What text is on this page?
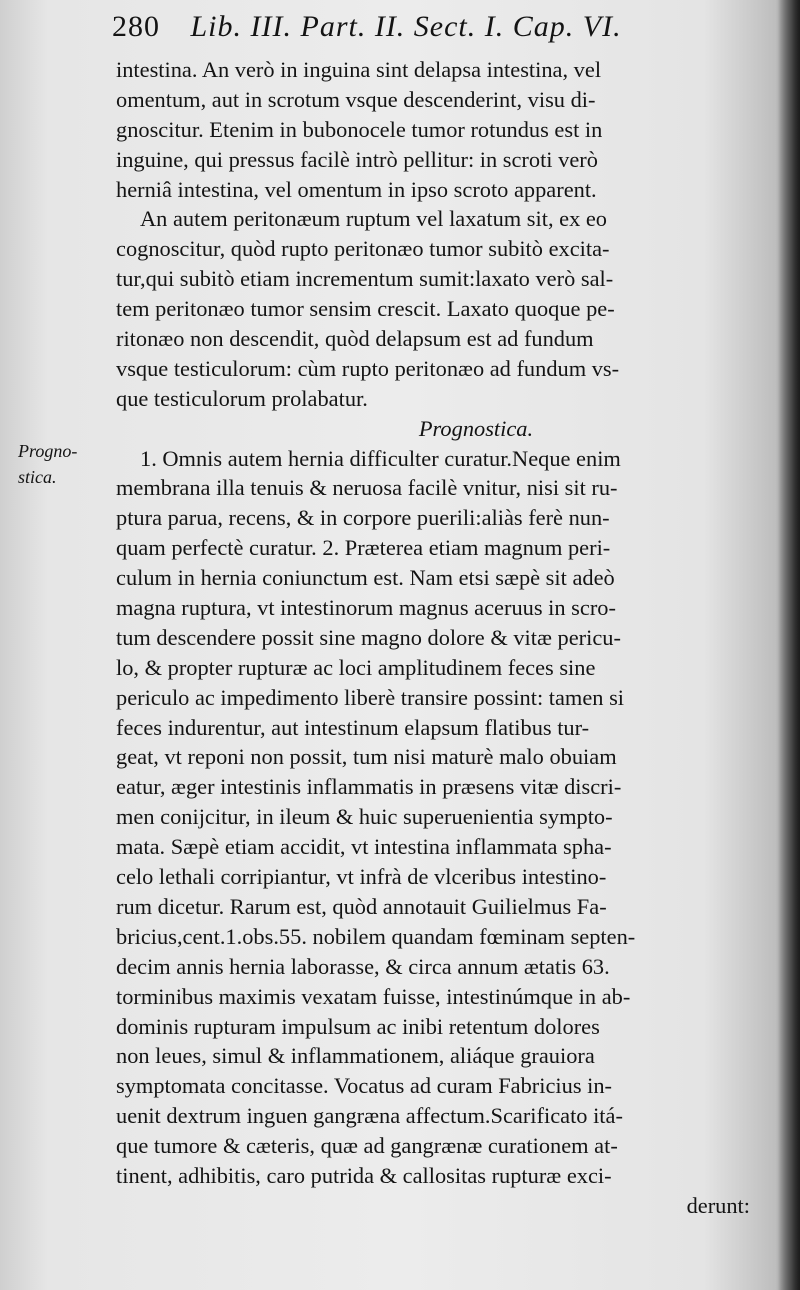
280 Lib. III. Part. II. Sect. I. Cap. VI.
Progno-
stica.
intestina. An verò in inguina sint delapsa intestina, vel
omentum, aut in scrotum vsque descenderint, visu di-
gnoscitur. Etenim in bubonocele tumor rotundus est in
inguine, qui pressus facilè intrò pellitur: in scroti verò
herniâ intestina, vel omentum in ipso scroto apparent.
An autem peritonæum ruptum vel laxatum sit, ex eo
cognoscitur, quòd rupto peritonæo tumor subitò excita-
tur,qui subitò etiam incrementum sumit:laxato verò sal-
tem peritonæo tumor sensim crescit. Laxato quoque pe-
ritonæo non descendit, quòd delapsum est ad fundum
vsque testiculorum: cùm rupto peritonæo ad fundum vs-
que testiculorum prolabatur.
Prognostica.
1. Omnis autem hernia difficulter curatur.Neque enim
membrana illa tenuis & neruosa facilè vnitur, nisi sit ru-
ptura parua, recens, & in corpore puerili:aliàs ferè nun-
quam perfectè curatur. 2. Præterea etiam magnum peri-
culum in hernia coniunctum est. Nam etsi sæpè sit adeò
magna ruptura, vt intestinorum magnus aceruus in scro-
tum descendere possit sine magno dolore & vitæ pericu-
lo, & propter rupturæ ac loci amplitudinem feces sine
periculo ac impedimento liberè transire possint: tamen si
feces indurentur, aut intestinum elapsum flatibus tur-
geat, vt reponi non possit, tum nisi maturè malo obuiam
eatur, æger intestinis inflammatis in præsens vitæ discri-
men conijcitur, in ileum & huic superuenientia sympto-
mata. Sæpè etiam accidit, vt intestina inflammata spha-
celo lethali corripiantur, vt infrà de vlceribus intestino-
rum dicetur. Rarum est, quòd annotauit Guilielmus Fa-
bricius,cent.1.obs.55. nobilem quandam fœminam septen-
decim annis hernia laborasse, & circa annum ætatis 63.
torminibus maximis vexatam fuisse, intestinúmque in ab-
dominis rupturam impulsum ac inibi retentum dolores
non leues, simul & inflammationem, aliáque grauiora
symptomata concitasse. Vocatus ad curam Fabricius in-
uenit dextrum inguen gangræna affectum.Scarificato itá-
que tumore & cæteris, quæ ad gangrænæ curationem at-
tinent, adhibitis, caro putrida & callositas rupturæ exci-
derunt:
